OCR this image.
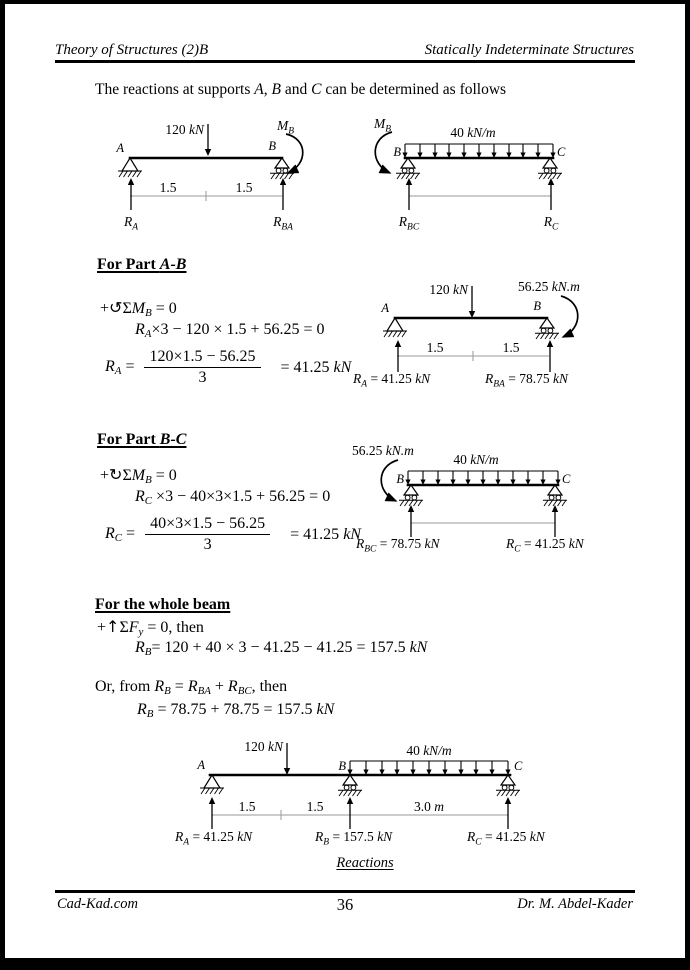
Theory of Structures (2)B	Statically Indeterminate Structures
The reactions at supports A, B and C can be determined as follows
A	B
120 kN	$M_B$
1.5	1.5
$R_A$	$R_{BA}$
$M_B$	40 kN/m
B	C
$R_{BC}$	$R_C$
For Part A-B
+↺ΣMB = 0
RA×3 − 120 × 1.5 + 56.25 = 0
RA = $\frac{120\times 1.5 - 56.25}{3} = 41.25$ kN
A	B
120 kN	56.25 kN.m
1.5	1.5
$R_A = 41.25$ kN	$R_{BA} = 78.75$ kN
For Part B-C
+↻ΣMB = 0
RC ×3 − 40×3×1.5 + 56.25 = 0
RC = $\frac{40\times 3\times 1.5 - 56.25}{3} = 41.25$ kN
56.25 kN.m
40 kN/m
B	C
$R_{BC} = 78.75$ kN	$R_C = 41.25$ kN
For the whole beam
+↑ΣFy = 0, then
RB= 120 + 40 × 3 − 41.25 − 41.25 = 157.5 kN
Or, from RB = RBA + RBC, then
RB = 78.75 + 78.75 = 157.5 kN
A	B	C
120 kN	40 kN/m
1.5	1.5	3.0 m
$R_A = 41.25$ kN	$R_B = 157.5$ kN	$R_C = 41.25$ kN
Reactions
Cad-Kad.com	36	Dr. M. Abdel-Kader
